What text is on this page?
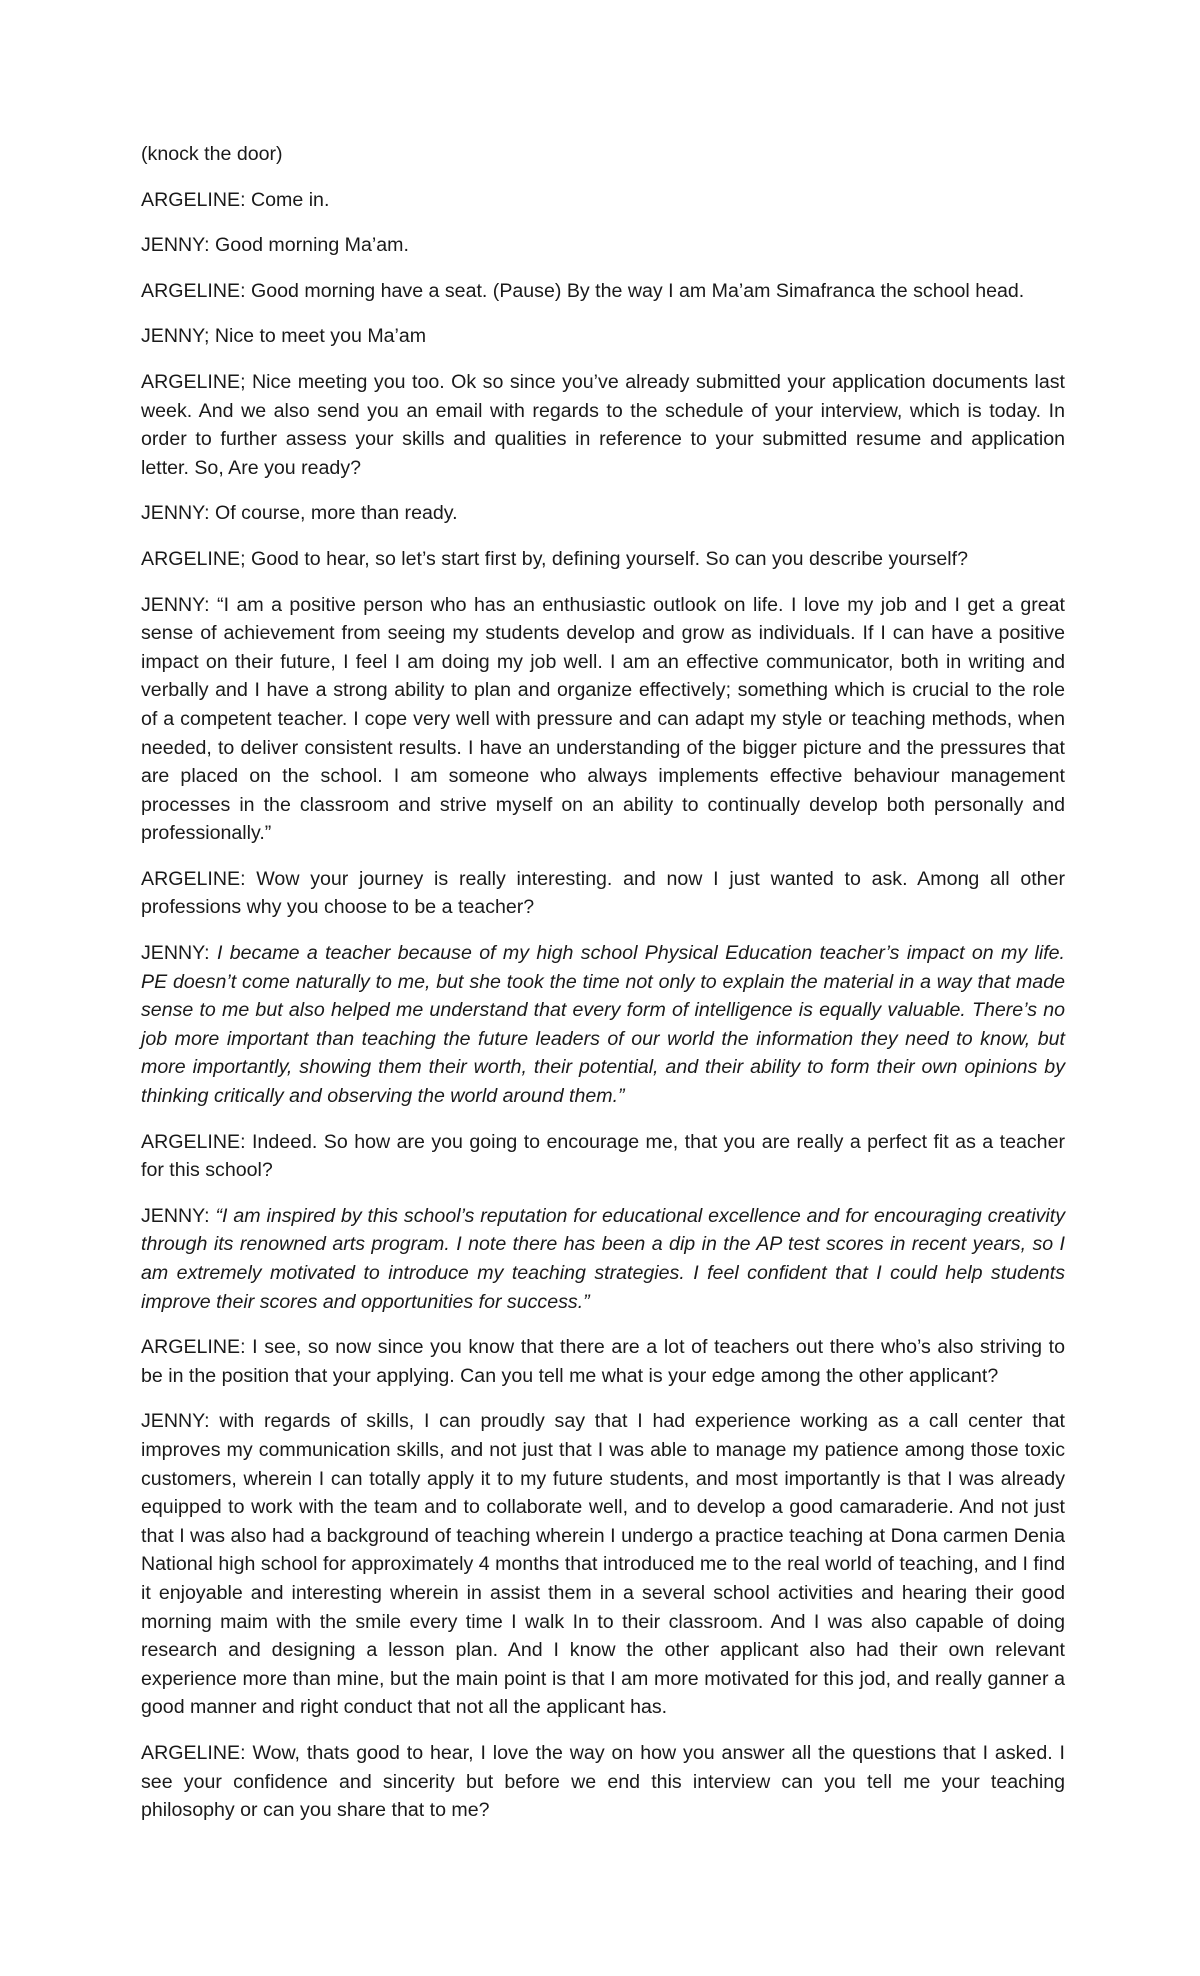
(knock the door)

ARGELINE: Come in.

JENNY: Good morning Ma’am.

ARGELINE: Good morning have a seat. (Pause) By the way I am Ma’am Simafranca the school head.

JENNY; Nice to meet you Ma’am

ARGELINE; Nice meeting you too. Ok so since you’ve already submitted your application documents last week. And we also send you an email with regards to the schedule of your interview, which is today. In order to further assess your skills and qualities in reference to your submitted resume and application letter. So, Are you ready?

JENNY: Of course, more than ready.

ARGELINE; Good to hear, so let’s start first by, defining yourself. So can you describe yourself?

JENNY: “I am a positive person who has an enthusiastic outlook on life. I love my job and I get a great sense of achievement from seeing my students develop and grow as individuals. If I can have a positive impact on their future, I feel I am doing my job well. I am an effective communicator, both in writing and verbally and I have a strong ability to plan and organize effectively; something which is crucial to the role of a competent teacher. I cope very well with pressure and can adapt my style or teaching methods, when needed, to deliver consistent results. I have an understanding of the bigger picture and the pressures that are placed on the school. I am someone who always implements effective behaviour management processes in the classroom and strive myself on an ability to continually develop both personally and professionally.”

ARGELINE: Wow your journey is really interesting. and now I just wanted to ask. Among all other professions why you choose to be a teacher?

JENNY: I became a teacher because of my high school Physical Education teacher’s impact on my life. PE doesn’t come naturally to me, but she took the time not only to explain the material in a way that made sense to me but also helped me understand that every form of intelligence is equally valuable. There’s no job more important than teaching the future leaders of our world the information they need to know, but more importantly, showing them their worth, their potential, and their ability to form their own opinions by thinking critically and observing the world around them.”

ARGELINE: Indeed. So how are you going to encourage me, that you are really a perfect fit as a teacher for this school?

JENNY: “I am inspired by this school’s reputation for educational excellence and for encouraging creativity through its renowned arts program. I note there has been a dip in the AP test scores in recent years, so I am extremely motivated to introduce my teaching strategies. I feel confident that I could help students improve their scores and opportunities for success.”

ARGELINE: I see, so now since you know that there are a lot of teachers out there who’s also striving to be in the position that your applying. Can you tell me what is your edge among the other applicant?

JENNY: with regards of skills, I can proudly say that I had experience working as a call center that improves my communication skills, and not just that I was able to manage my patience among those toxic customers, wherein I can totally apply it to my future students, and most importantly is that I was already equipped to work with the team and to collaborate well, and to develop a good camaraderie. And not just that I was also had a background of teaching wherein I undergo a practice teaching at Dona carmen Denia National high school for approximately 4 months that introduced me to the real world of teaching, and I find it enjoyable and interesting wherein in assist them in a several school activities and hearing their good morning maim with the smile every time I walk In to their classroom. And I was also capable of doing research and designing a lesson plan. And I know the other applicant also had their own relevant experience more than mine, but the main point is that I am more motivated for this jod, and really ganner a good manner and right conduct that not all the applicant has.

ARGELINE: Wow, thats good to hear, I love the way on how you answer all the questions that I asked. I see your confidence and sincerity but before we end this interview can you tell me your teaching philosophy or can you share that to me?
